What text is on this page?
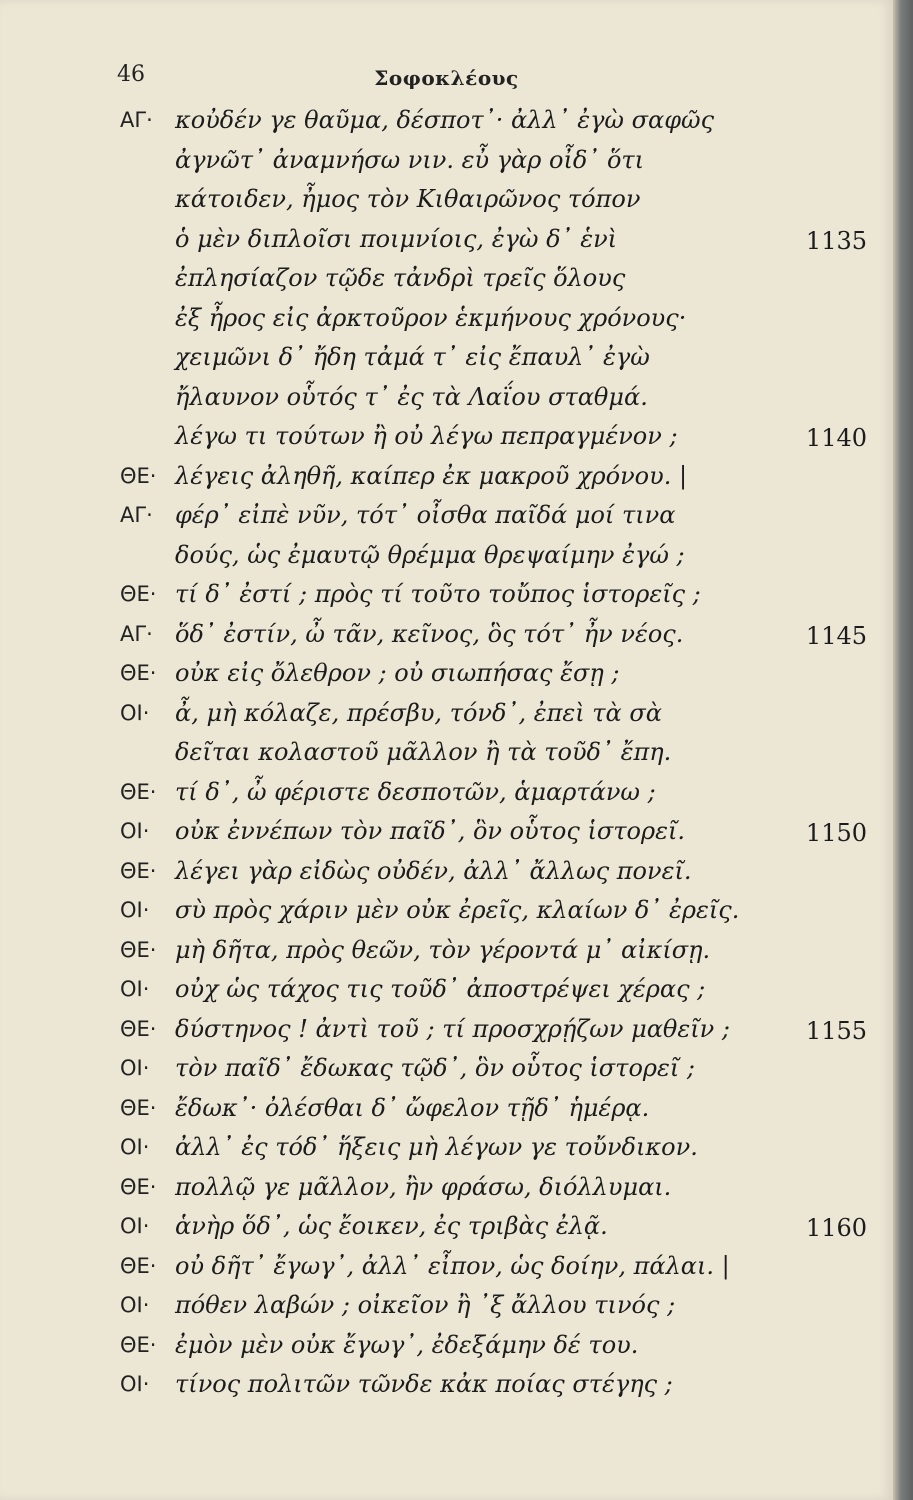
46	Σοφοκλέους
ΑΓ· κοὐδέν γε θαῦμα, δέσποτ᾽· ἀλλ᾽ ἐγὼ σαφῶς
ἀγνῶτ᾽ ἀναμνήσω νιν. εὖ γὰρ οἶδ᾽ ὅτι
κάτοιδεν, ἦμος τὸν Κιθαιρῶνος τόπον
ὁ μὲν διπλοῖσι ποιμνίοις, ἐγὼ δ᾽ ἑνὶ	1135
ἐπλησίαζον τῷδε τἀνδρὶ τρεῖς ὅλους
ἐξ ἦρος εἰς ἀρκτοῦρον ἑκμήνους χρόνους·
χειμῶνι δ᾽ ἤδη τἀμά τ᾽ εἰς ἔπαυλ᾽ ἐγὼ
ἤλαυνον οὗτός τ᾽ ἐς τὰ Λαΐου σταθμά.
λέγω τι τούτων ἢ οὐ λέγω πεπραγμένον ;	1140
ΘΕ· λέγεις ἀληθῆ, καίπερ ἐκ μακροῦ χρόνου. |
ΑΓ· φέρ᾽ εἰπὲ νῦν, τότ᾽ οἶσθα παῖδά μοί τινα
δούς, ὡς ἐμαυτῷ θρέμμα θρεψαίμην ἐγώ ;
ΘΕ· τί δ᾽ ἐστί ; πρὸς τί τοῦτο τοὔπος ἱστορεῖς ;
ΑΓ· ὅδ᾽ ἐστίν, ὦ τᾶν, κεῖνος, ὃς τότ᾽ ἦν νέος.	1145
ΘΕ· οὐκ εἰς ὄλεθρον ; οὐ σιωπήσας ἔσῃ ;
ΟΙ· ἆ, μὴ κόλαζε, πρέσβυ, τόνδ᾽, ἐπεὶ τὰ σὰ
δεῖται κολαστοῦ μᾶλλον ἢ τὰ τοῦδ᾽ ἔπη.
ΘΕ· τί δ᾽, ὦ φέριστε δεσποτῶν, ἁμαρτάνω ;
ΟΙ· οὐκ ἐννέπων τὸν παῖδ᾽, ὃν οὗτος ἱστορεῖ.	1150
ΘΕ· λέγει γὰρ εἰδὼς οὐδέν, ἀλλ᾽ ἄλλως πονεῖ.
ΟΙ· σὺ πρὸς χάριν μὲν οὐκ ἐρεῖς, κλαίων δ᾽ ἐρεῖς.
ΘΕ· μὴ δῆτα, πρὸς θεῶν, τὸν γέροντά μ᾽ αἰκίσῃ.
ΟΙ· οὐχ ὡς τάχος τις τοῦδ᾽ ἀποστρέψει χέρας ;
ΘΕ· δύστηνος ! ἀντὶ τοῦ ; τί προσχρῄζων μαθεῖν ;	1155
ΟΙ· τὸν παῖδ᾽ ἔδωκας τῷδ᾽, ὃν οὗτος ἱστορεῖ ;
ΘΕ· ἔδωκ᾽· ὀλέσθαι δ᾽ ὤφελον τῇδ᾽ ἡμέρᾳ.
ΟΙ· ἀλλ᾽ ἐς τόδ᾽ ἥξεις μὴ λέγων γε τοὔνδικον.
ΘΕ· πολλῷ γε μᾶλλον, ἢν φράσω, διόλλυμαι.
ΟΙ· ἁνὴρ ὅδ᾽, ὡς ἔοικεν, ἐς τριβὰς ἐλᾷ.	1160
ΘΕ· οὐ δῆτ᾽ ἔγωγ᾽, ἀλλ᾽ εἶπον, ὡς δοίην, πάλαι. |
ΟΙ· πόθεν λαβών ; οἰκεῖον ἢ ᾽ξ ἄλλου τινός ;
ΘΕ· ἐμὸν μὲν οὐκ ἔγωγ᾽, ἐδεξάμην δέ του.
ΟΙ· τίνος πολιτῶν τῶνδε κἀκ ποίας στέγης ;
